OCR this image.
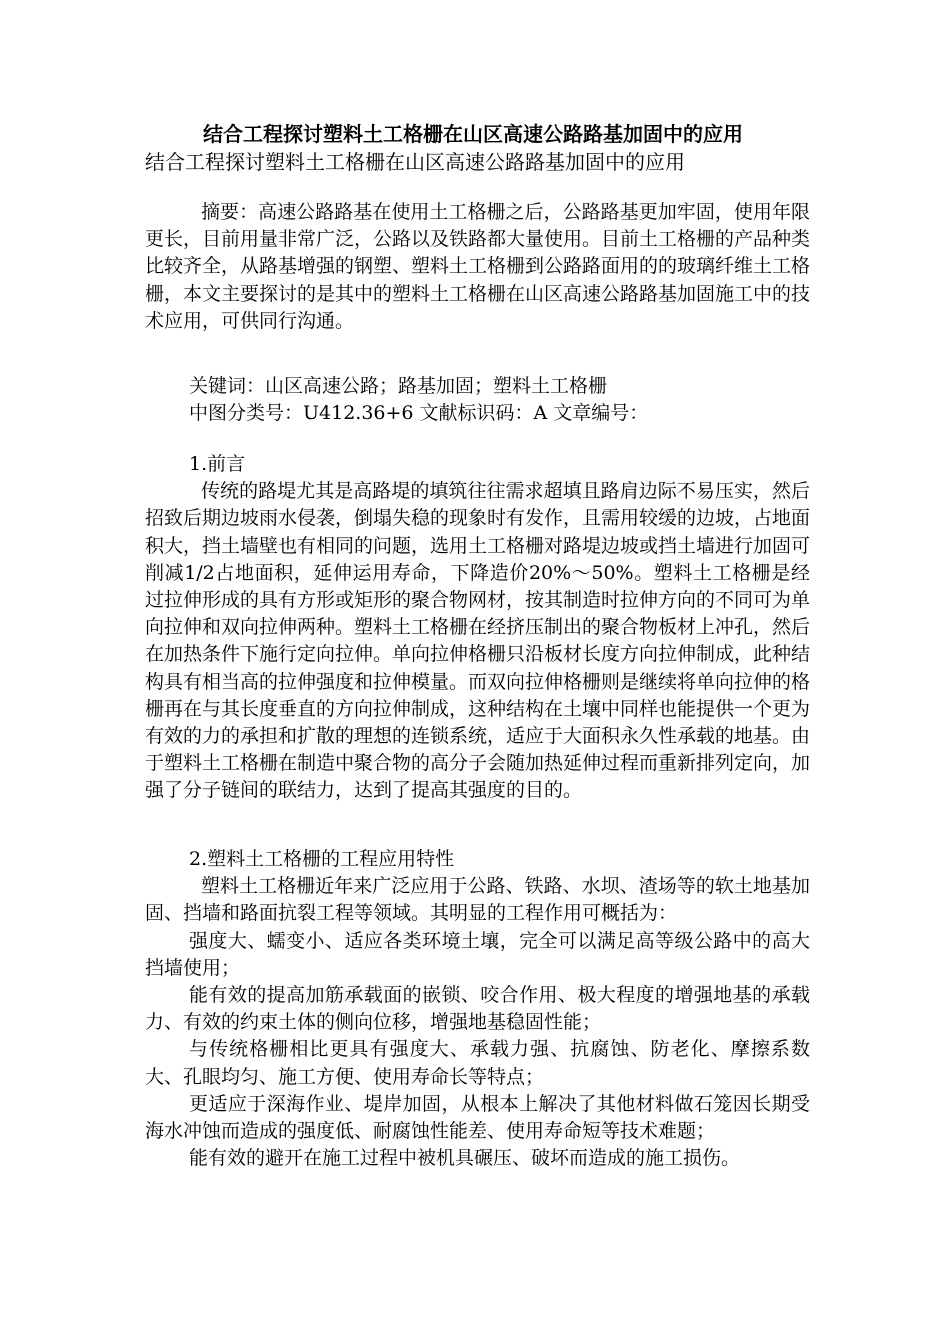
结合工程探讨塑料土工格栅在山区高速公路路基加固中的应用
结合工程探讨塑料土工格栅在山区高速公路路基加固中的应用

摘要：高速公路路基在使用土工格栅之后，公路路基更加牢固，使用年限更长，目前用量非常广泛，公路以及铁路都大量使用。目前土工格栅的产品种类比较齐全，从路基增强的钢塑、塑料土工格栅到公路路面用的的玻璃纤维土工格栅，本文主要探讨的是其中的塑料土工格栅在山区高速公路路基加固施工中的技术应用，可供同行沟通。

关键词：山区高速公路；路基加固；塑料土工格栅

中图分类号：U412.36+6 文献标识码：A 文章编号：

1.前言

传统的路堤尤其是高路堤的填筑往往需求超填且路肩边际不易压实，然后招致后期边坡雨水侵袭，倒塌失稳的现象时有发作，且需用较缓的边坡，占地面积大，挡土墙壁也有相同的问题，选用土工格栅对路堤边坡或挡土墙进行加固可削减1/2占地面积，延伸运用寿命，下降造价20%～50%。塑料土工格栅是经过拉伸形成的具有方形或矩形的聚合物网材，按其制造时拉伸方向的不同可为单向拉伸和双向拉伸两种。塑料土工格栅在经挤压制出的聚合物板材上冲孔，然后在加热条件下施行定向拉伸。单向拉伸格栅只沿板材长度方向拉伸制成，此种结构具有相当高的拉伸强度和拉伸模量。而双向拉伸格栅则是继续将单向拉伸的格栅再在与其长度垂直的方向拉伸制成，这种结构在土壤中同样也能提供一个更为有效的力的承担和扩散的理想的连锁系统，适应于大面积永久性承载的地基。由于塑料土工格栅在制造中聚合物的高分子会随加热延伸过程而重新排列定向，加强了分子链间的联结力，达到了提高其强度的目的。

2.塑料土工格栅的工程应用特性

塑料土工格栅近年来广泛应用于公路、铁路、水坝、渣场等的软土地基加固、挡墙和路面抗裂工程等领域。其明显的工程作用可概括为：

强度大、蠕变小、适应各类环境土壤，完全可以满足高等级公路中的高大挡墙使用；

能有效的提高加筋承载面的嵌锁、咬合作用、极大程度的增强地基的承载力、有效的约束土体的侧向位移，增强地基稳固性能；

与传统格栅相比更具有强度大、承载力强、抗腐蚀、防老化、摩擦系数大、孔眼均匀、施工方便、使用寿命长等特点；

更适应于深海作业、堤岸加固，从根本上解决了其他材料做石笼因长期受海水冲蚀而造成的强度低、耐腐蚀性能差、使用寿命短等技术难题；

能有效的避开在施工过程中被机具碾压、破坏而造成的施工损伤。
